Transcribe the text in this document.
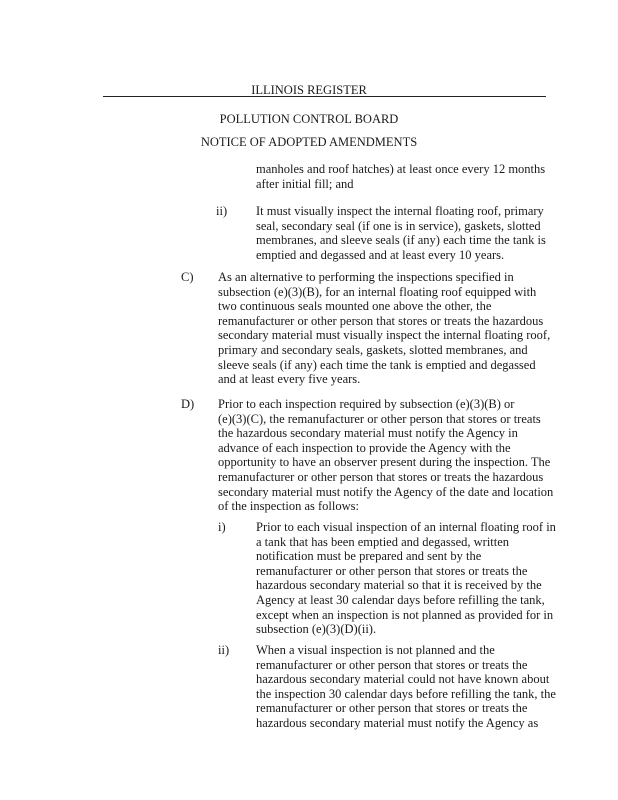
ILLINOIS REGISTER
POLLUTION CONTROL BOARD
NOTICE OF ADOPTED AMENDMENTS
manholes and roof hatches) at least once every 12 months
after initial fill; and
ii) It must visually inspect the internal floating roof, primary
seal, secondary seal (if one is in service), gaskets, slotted
membranes, and sleeve seals (if any) each time the tank is
emptied and degassed and at least every 10 years.
C) As an alternative to performing the inspections specified in
subsection (e)(3)(B), for an internal floating roof equipped with
two continuous seals mounted one above the other, the
remanufacturer or other person that stores or treats the hazardous
secondary material must visually inspect the internal floating roof,
primary and secondary seals, gaskets, slotted membranes, and
sleeve seals (if any) each time the tank is emptied and degassed
and at least every five years.
D) Prior to each inspection required by subsection (e)(3)(B) or
(e)(3)(C), the remanufacturer or other person that stores or treats
the hazardous secondary material must notify the Agency in
advance of each inspection to provide the Agency with the
opportunity to have an observer present during the inspection. The
remanufacturer or other person that stores or treats the hazardous
secondary material must notify the Agency of the date and location
of the inspection as follows:
i) Prior to each visual inspection of an internal floating roof in
a tank that has been emptied and degassed, written
notification must be prepared and sent by the
remanufacturer or other person that stores or treats the
hazardous secondary material so that it is received by the
Agency at least 30 calendar days before refilling the tank,
except when an inspection is not planned as provided for in
subsection (e)(3)(D)(ii).
ii) When a visual inspection is not planned and the
remanufacturer or other person that stores or treats the
hazardous secondary material could not have known about
the inspection 30 calendar days before refilling the tank, the
remanufacturer or other person that stores or treats the
hazardous secondary material must notify the Agency as
